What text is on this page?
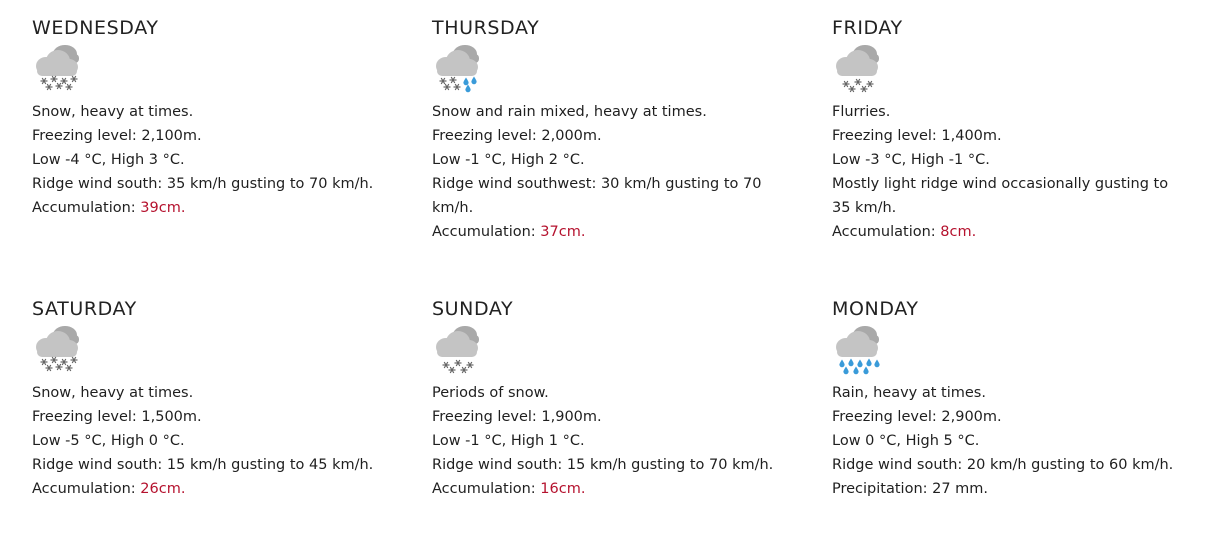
WEDNESDAY
Snow, heavy at times.
Freezing level: 2,100m.
Low -4 °C, High 3 °C.
Ridge wind south: 35 km/h gusting to 70 km/h.
Accumulation: 39cm.
THURSDAY
Snow and rain mixed, heavy at times.
Freezing level: 2,000m.
Low -1 °C, High 2 °C.
Ridge wind southwest: 30 km/h gusting to 70 km/h.
Accumulation: 37cm.
FRIDAY
Flurries.
Freezing level: 1,400m.
Low -3 °C, High -1 °C.
Mostly light ridge wind occasionally gusting to 35 km/h.
Accumulation: 8cm.
SATURDAY
Snow, heavy at times.
Freezing level: 1,500m.
Low -5 °C, High 0 °C.
Ridge wind south: 15 km/h gusting to 45 km/h.
Accumulation: 26cm.
SUNDAY
Periods of snow.
Freezing level: 1,900m.
Low -1 °C, High 1 °C.
Ridge wind south: 15 km/h gusting to 70 km/h.
Accumulation: 16cm.
MONDAY
Rain, heavy at times.
Freezing level: 2,900m.
Low 0 °C, High 5 °C.
Ridge wind south: 20 km/h gusting to 60 km/h.
Precipitation: 27 mm.
